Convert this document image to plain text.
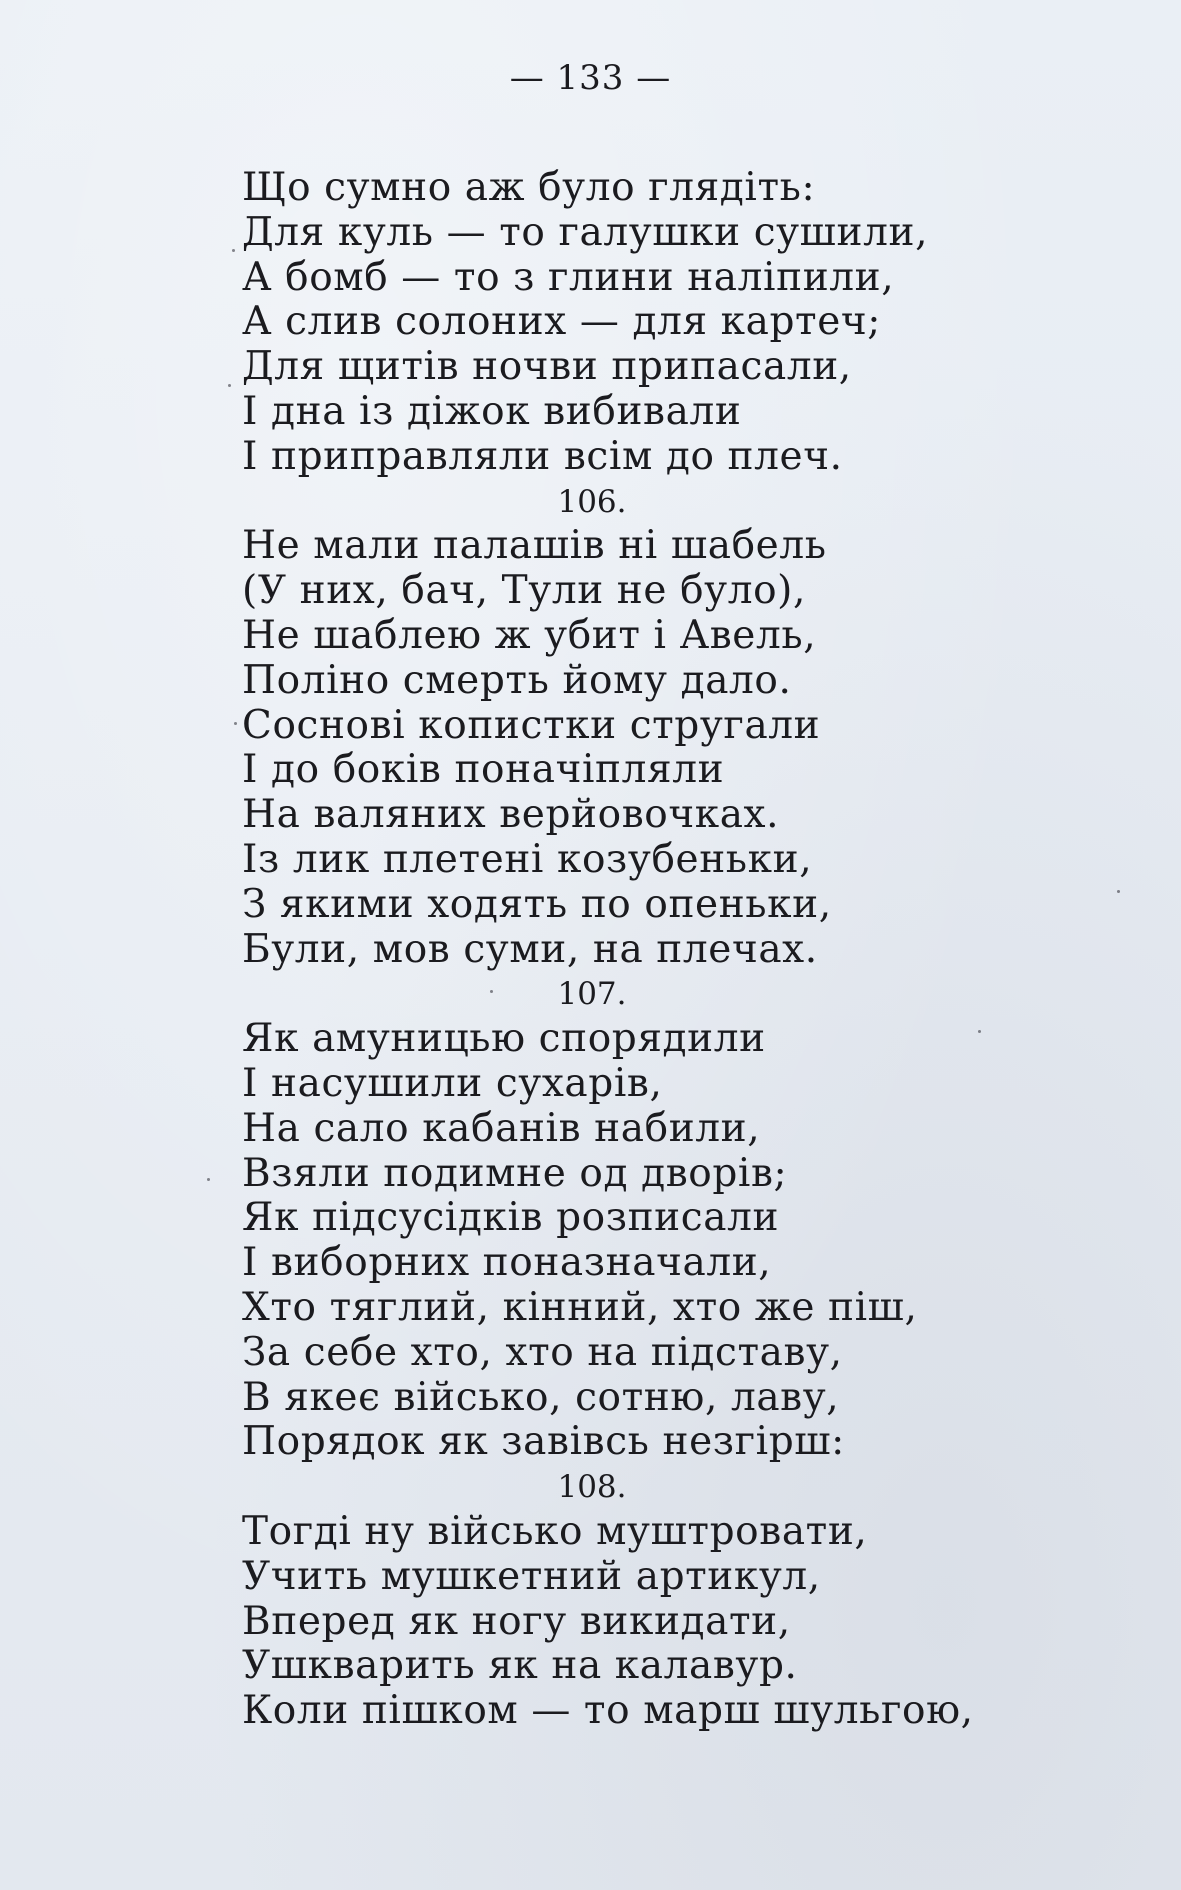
— 133 —
Що сумно аж було глядіть:
Для куль — то галушки сушили,
А бомб — то з глини наліпили,
А слив солоних — для картеч;
Для щитів ночви припасали,
І дна із діжок вибивали
І приправляли всім до плеч.
106.
Не мали палашів ні шабель
(У них, бач, Тули не було),
Не шаблею ж убит і Авель,
Поліно смерть йому дало.
Соснові копистки стругали
І до боків поначіпляли
На валяних верйовочках.
Із лик плетені козубеньки,
З якими ходять по опеньки,
Були, мов суми, на плечах.
107.
Як амуницью спорядили
І насушили сухарів,
На сало кабанів набили,
Взяли подимне од дворів;
Як підсусідків розписали
І виборних поназначали,
Хто тяглий, кінний, хто же піш,
За себе хто, хто на підставу,
В якеє військо, сотню, лаву,
Порядок як завівсь незгірш:
108.
Тогді ну військо муштровати,
Учить мушкетний артикул,
Вперед як ногу викидати,
Ушкварить як на калавур.
Коли пішком — то марш шульгою,
